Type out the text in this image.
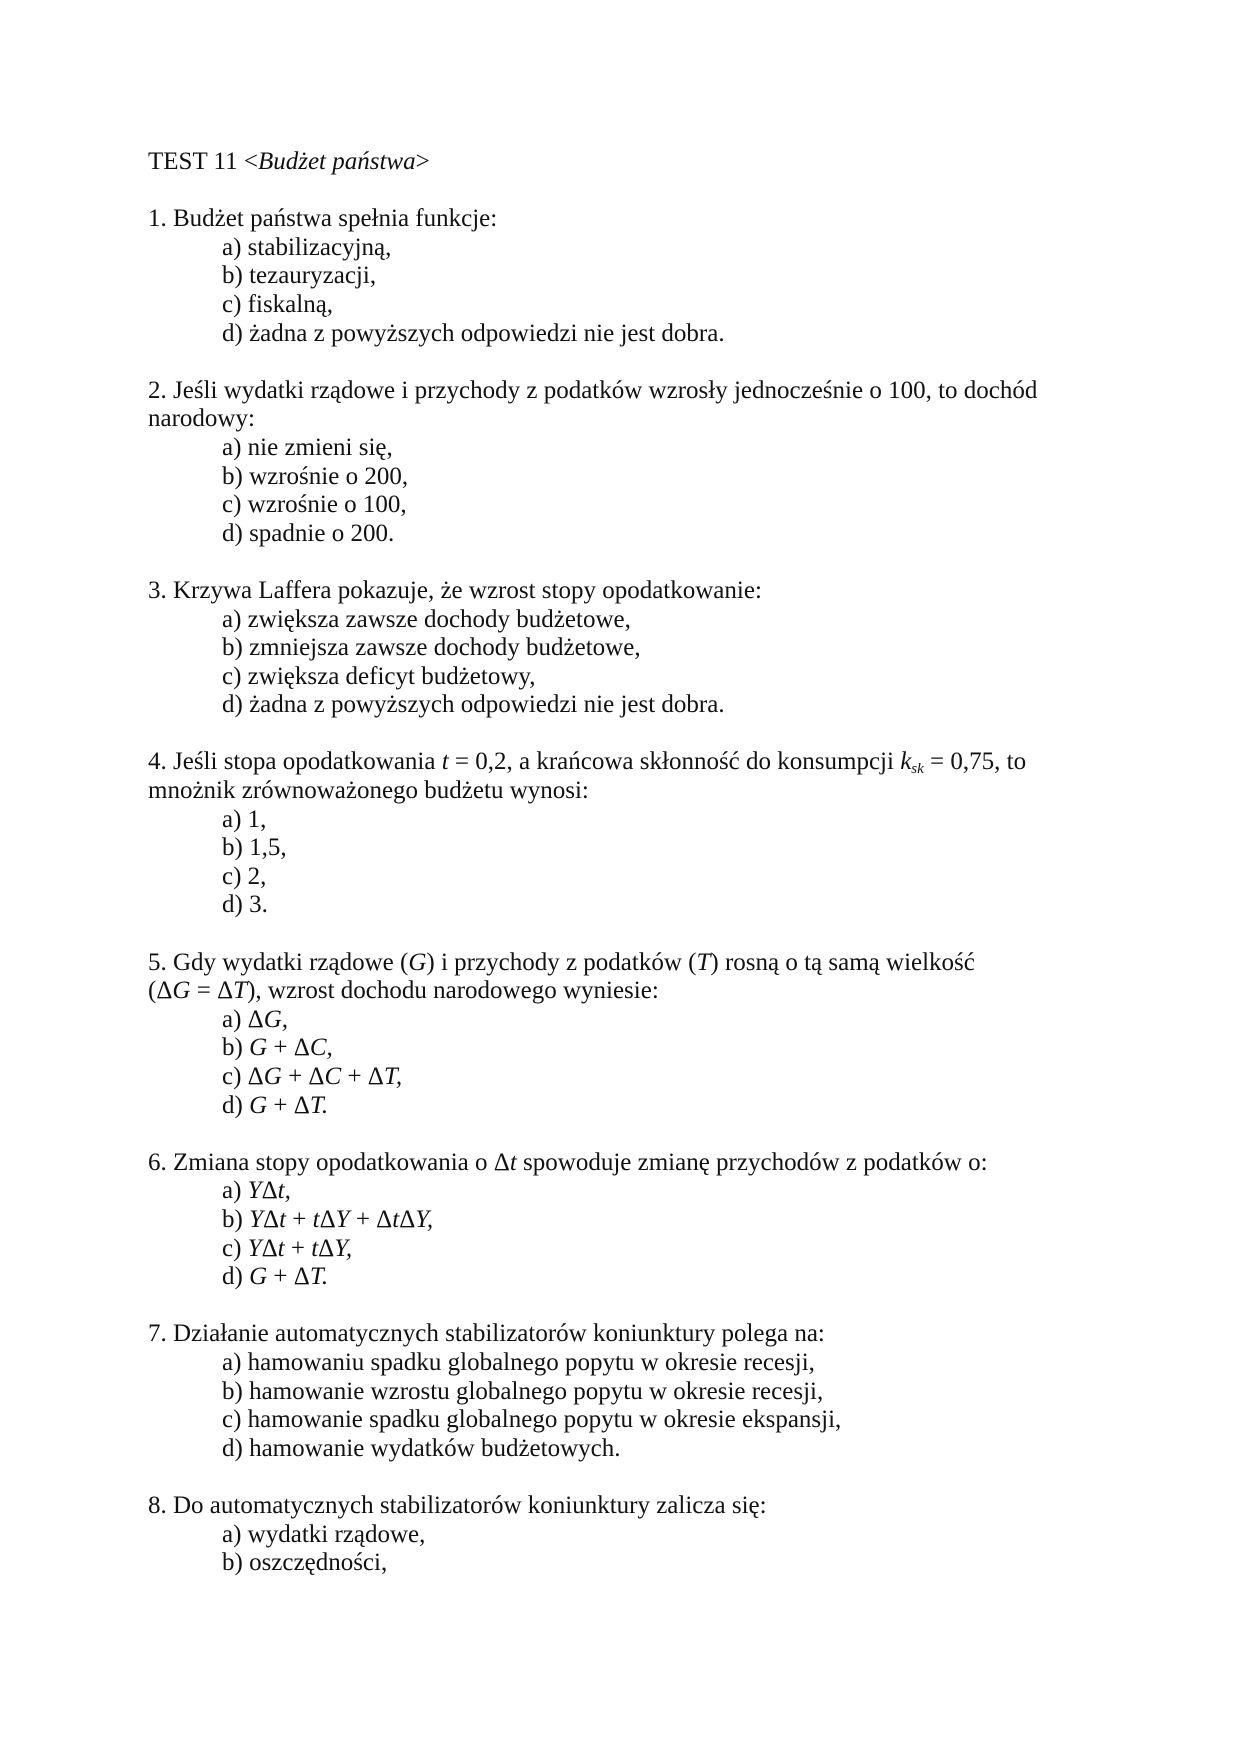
TEST 11 <Budżet państwa>
1. Budżet państwa spełnia funkcje:
a) stabilizacyjną,
b) tezauryzacji,
c) fiskalną,
d) żadna z powyższych odpowiedzi nie jest dobra.
2. Jeśli wydatki rządowe i przychody z podatków wzrosły jednocześnie o 100, to dochód
narodowy:
a) nie zmieni się,
b) wzrośnie o 200,
c) wzrośnie o 100,
d) spadnie o 200.
3. Krzywa Laffera pokazuje, że wzrost stopy opodatkowanie:
a) zwiększa zawsze dochody budżetowe,
b) zmniejsza zawsze dochody budżetowe,
c) zwiększa deficyt budżetowy,
d) żadna z powyższych odpowiedzi nie jest dobra.
4. Jeśli stopa opodatkowania t = 0,2, a krańcowa skłonność do konsumpcji $k_{sk} = 0,75$, to
mnożnik zrównoważonego budżetu wynosi:
a) 1,
b) 1,5,
c) 2,
d) 3.
5. Gdy wydatki rządowe (G) i przychody z podatków (T) rosną o tą samą wielkość
(ΔG = ΔT), wzrost dochodu narodowego wyniesie:
a) ΔG,
b) G + ΔC,
c) ΔG + ΔC + ΔT,
d) G + ΔT.
6. Zmiana stopy opodatkowania o Δt spowoduje zmianę przychodów z podatków o:
a) YΔt,
b) YΔt + tΔY + ΔtΔY,
c) YΔt + tΔY,
d) G + ΔT.
7. Działanie automatycznych stabilizatorów koniunktury polega na:
a) hamowaniu spadku globalnego popytu w okresie recesji,
b) hamowanie wzrostu globalnego popytu w okresie recesji,
c) hamowanie spadku globalnego popytu w okresie ekspansji,
d) hamowanie wydatków budżetowych.
8. Do automatycznych stabilizatorów koniunktury zalicza się:
a) wydatki rządowe,
b) oszczędności,
